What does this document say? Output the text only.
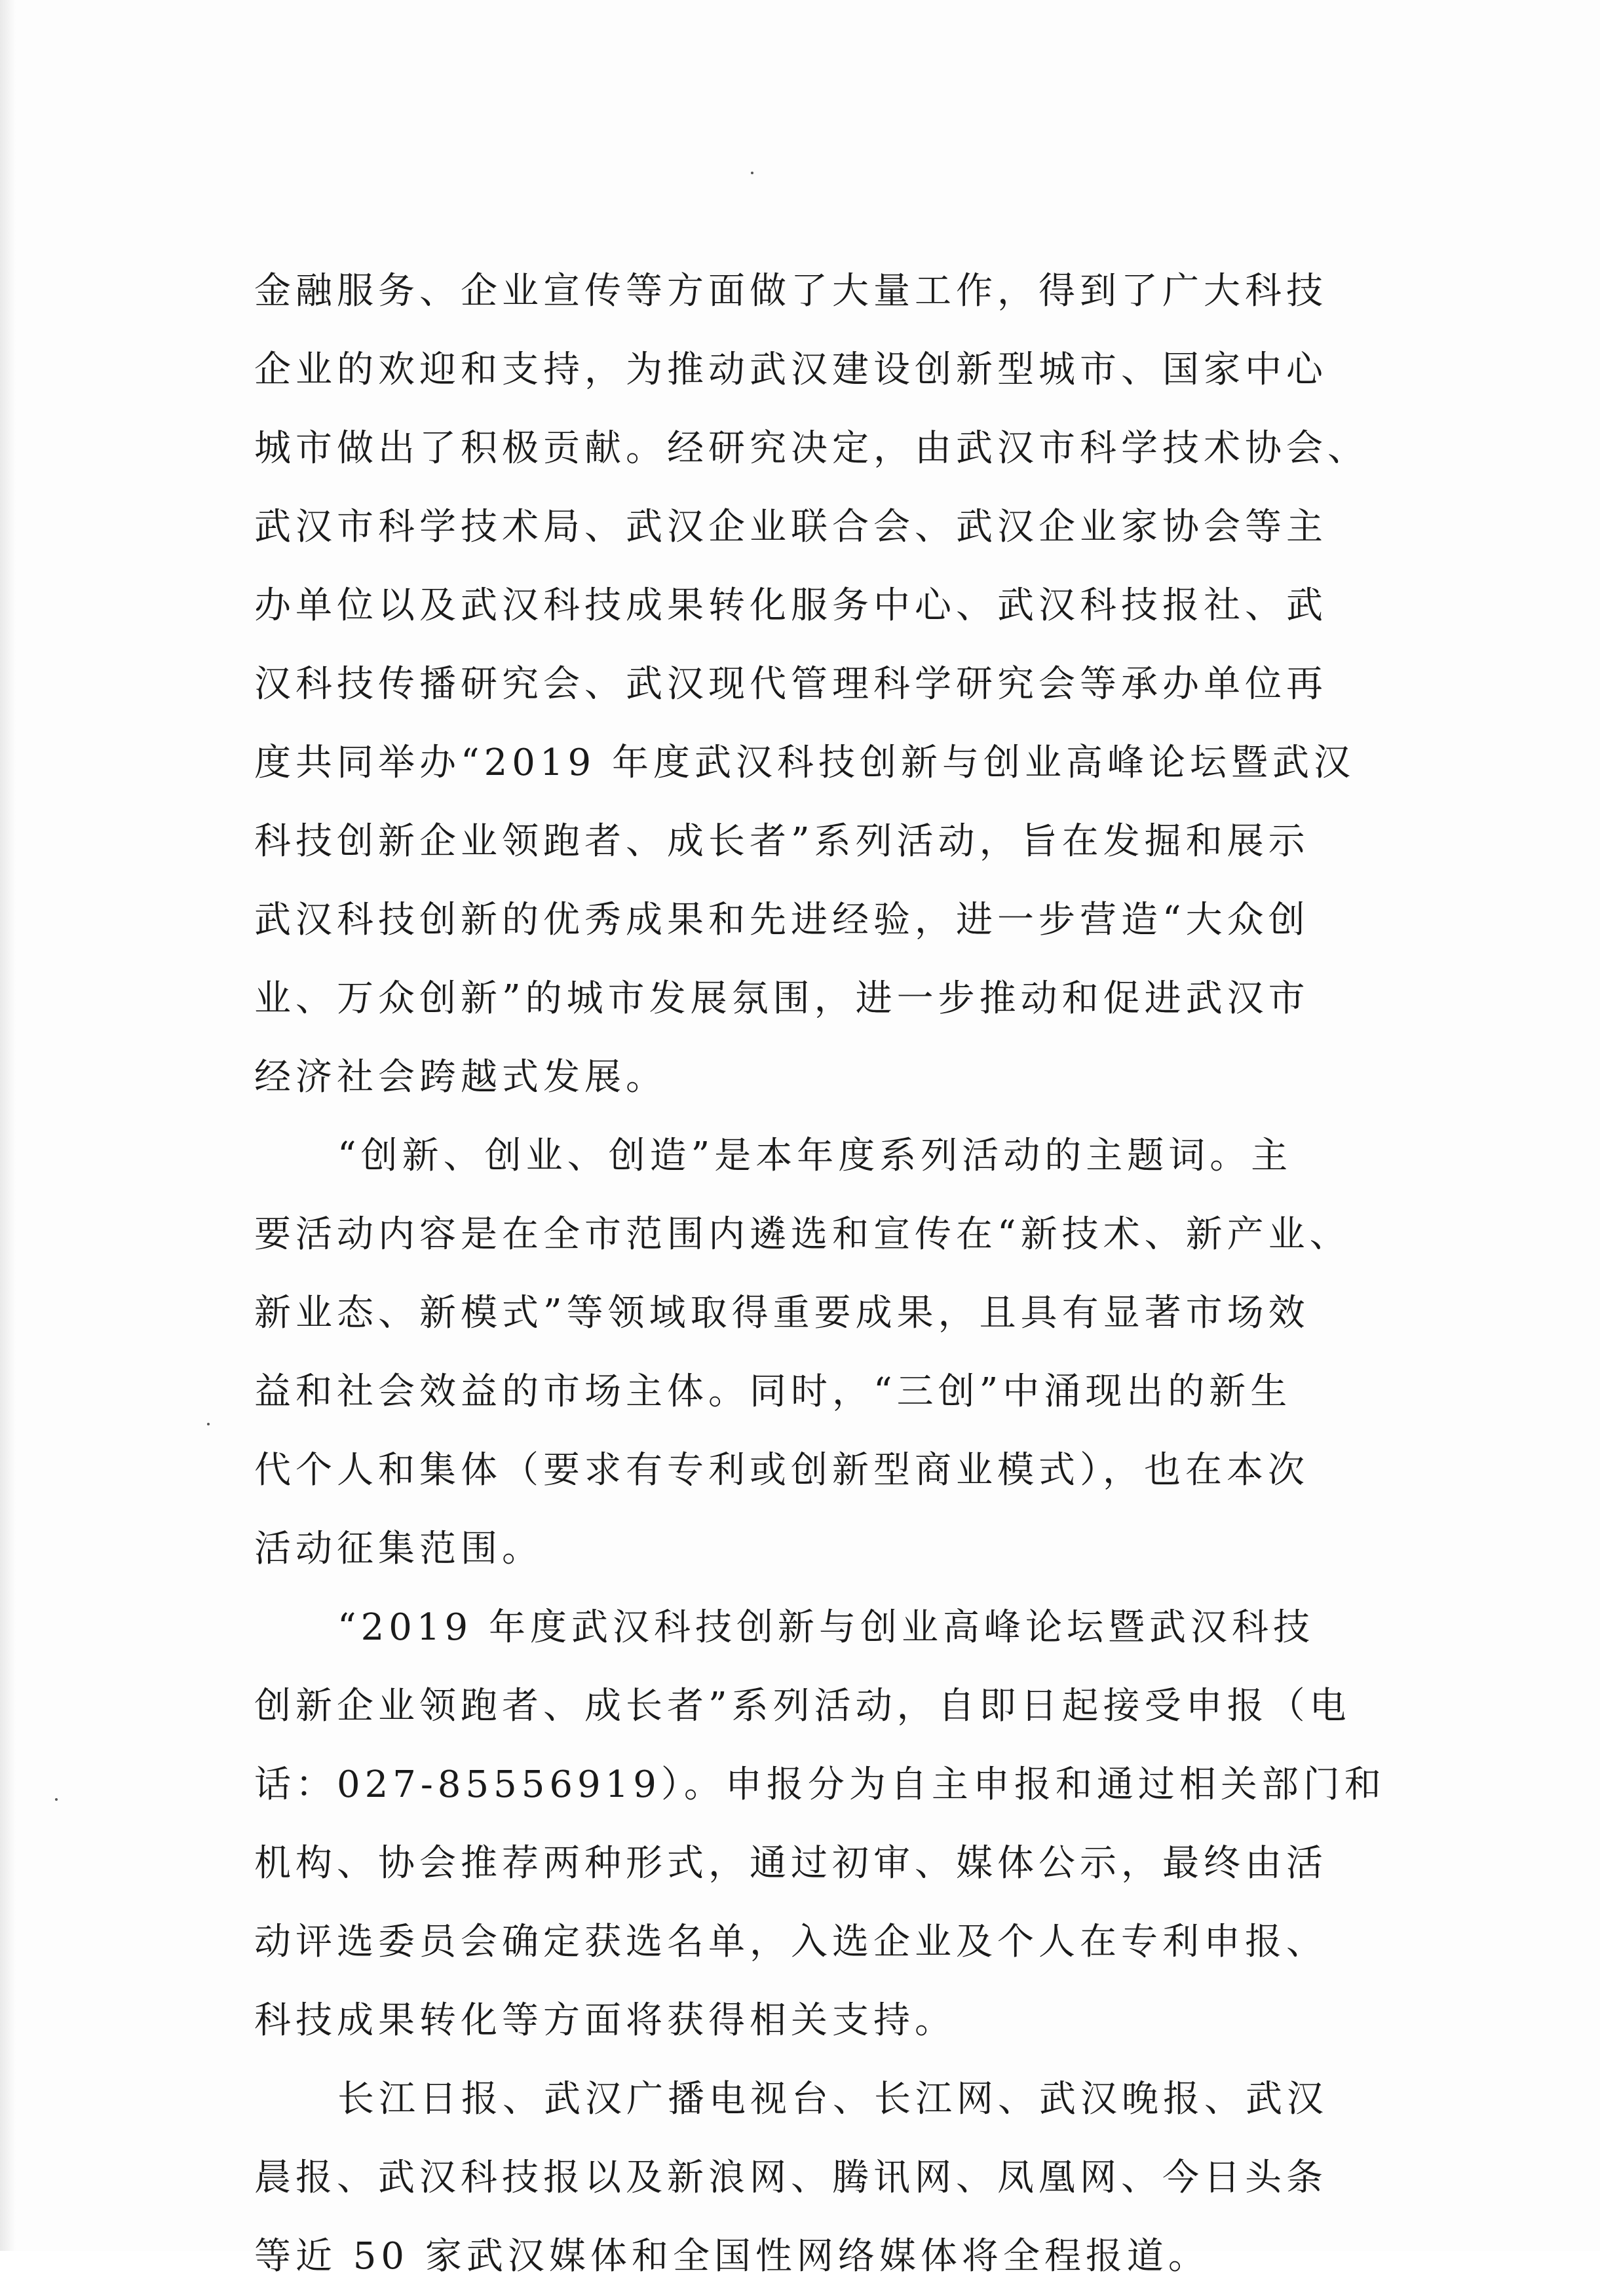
金融服务、企业宣传等方面做了大量工作，得到了广大科技
企业的欢迎和支持，为推动武汉建设创新型城市、国家中心
城市做出了积极贡献。经研究决定，由武汉市科学技术协会、
武汉市科学技术局、武汉企业联合会、武汉企业家协会等主
办单位以及武汉科技成果转化服务中心、武汉科技报社、武
汉科技传播研究会、武汉现代管理科学研究会等承办单位再
度共同举办“2019 年度武汉科技创新与创业高峰论坛暨武汉
科技创新企业领跑者、成长者”系列活动，旨在发掘和展示
武汉科技创新的优秀成果和先进经验，进一步营造“大众创
业、万众创新”的城市发展氛围，进一步推动和促进武汉市
经济社会跨越式发展。
“创新、创业、创造”是本年度系列活动的主题词。主
要活动内容是在全市范围内遴选和宣传在“新技术、新产业、
新业态、新模式”等领域取得重要成果，且具有显著市场效
益和社会效益的市场主体。同时，“三创”中涌现出的新生
代个人和集体（要求有专利或创新型商业模式），也在本次
活动征集范围。
“2019 年度武汉科技创新与创业高峰论坛暨武汉科技
创新企业领跑者、成长者”系列活动，自即日起接受申报（电
话：027-85556919）。申报分为自主申报和通过相关部门和
机构、协会推荐两种形式，通过初审、媒体公示，最终由活
动评选委员会确定获选名单，入选企业及个人在专利申报、
科技成果转化等方面将获得相关支持。
长江日报、武汉广播电视台、长江网、武汉晚报、武汉
晨报、武汉科技报以及新浪网、腾讯网、凤凰网、今日头条
等近 50 家武汉媒体和全国性网络媒体将全程报道。
